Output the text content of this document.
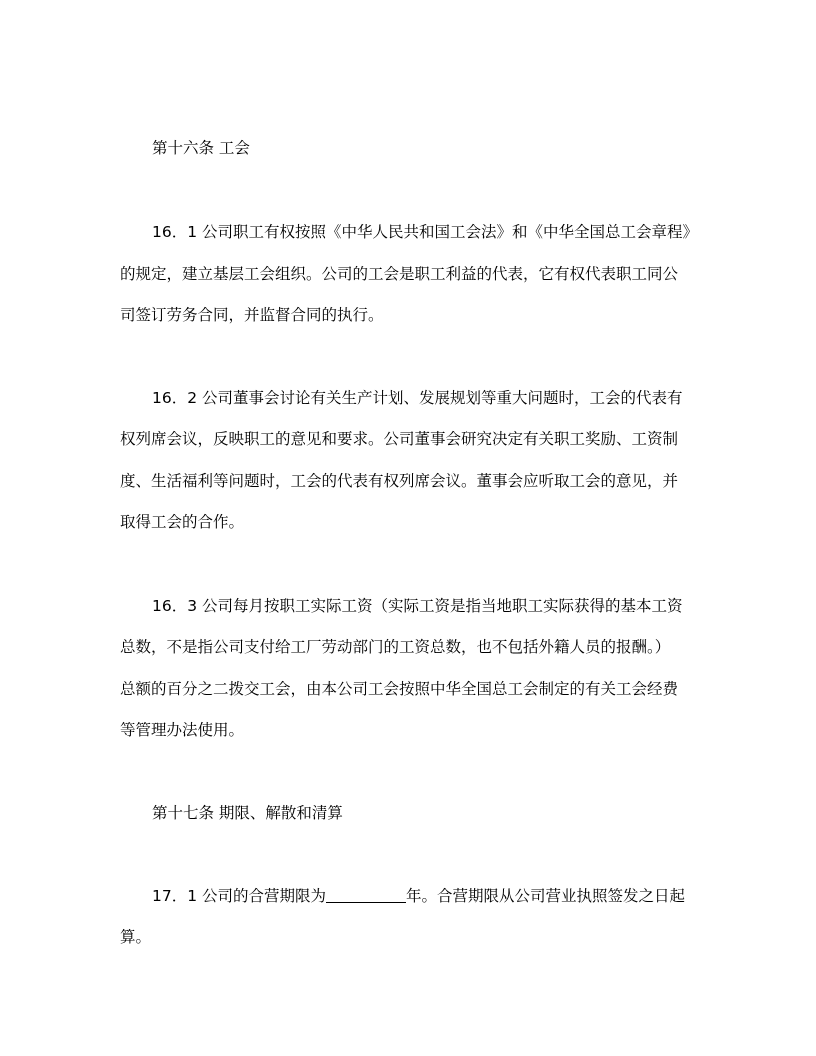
第十六条 工会
16．1 公司职工有权按照《中华人民共和国工会法》和《中华全国总工会章程》
的规定，建立基层工会组织。公司的工会是职工利益的代表，它有权代表职工同公
司签订劳务合同，并监督合同的执行。
16．2 公司董事会讨论有关生产计划、发展规划等重大问题时，工会的代表有
权列席会议，反映职工的意见和要求。公司董事会研究决定有关职工奖励、工资制
度、生活福利等问题时，工会的代表有权列席会议。董事会应听取工会的意见，并
取得工会的合作。
16．3 公司每月按职工实际工资（实际工资是指当地职工实际获得的基本工资
总数，不是指公司支付给工厂劳动部门的工资总数，也不包括外籍人员的报酬。）
总额的百分之二拨交工会，由本公司工会按照中华全国总工会制定的有关工会经费
等管理办法使用。
第十七条 期限、解散和清算
17．1 公司的合营期限为	年。合营期限从公司营业执照签发之日起
算。
